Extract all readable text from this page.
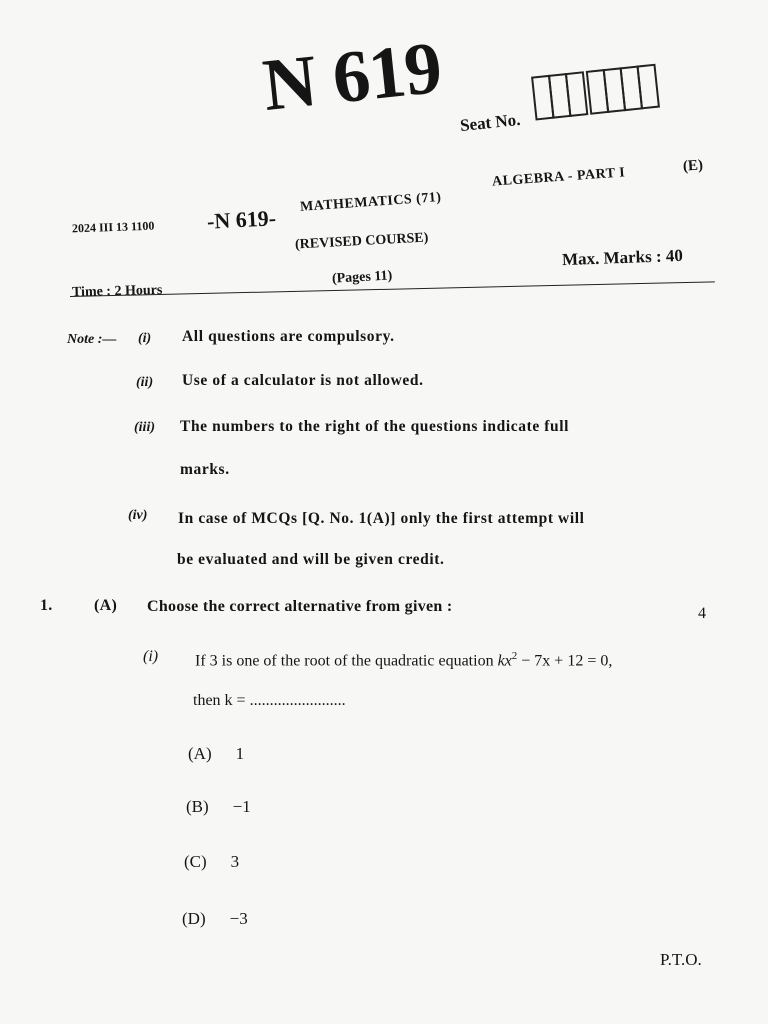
N 619 Seat No.
2024 III 13 1100 -N 619-
MATHEMATICS (71)
ALGEBRA - PART I	(E)
(REVISED COURSE)
(Pages 11)
Max. Marks : 40
Time : 2 Hours
Note :— (i) All questions are compulsory.
(ii) Use of a calculator is not allowed.
(iii) The numbers to the right of the questions indicate full
marks.
(iv) In case of MCQs [Q. No. 1(A)] only the first attempt will
be evaluated and will be given credit.
1.	(A) Choose the correct alternative from given :	4
(i) If 3 is one of the root of the quadratic equation $kx^2 - 7x + 12 = 0$,
then k = ........................
(A) 1
(B) −1
(C) 3
(D) −3
P.T.O.
